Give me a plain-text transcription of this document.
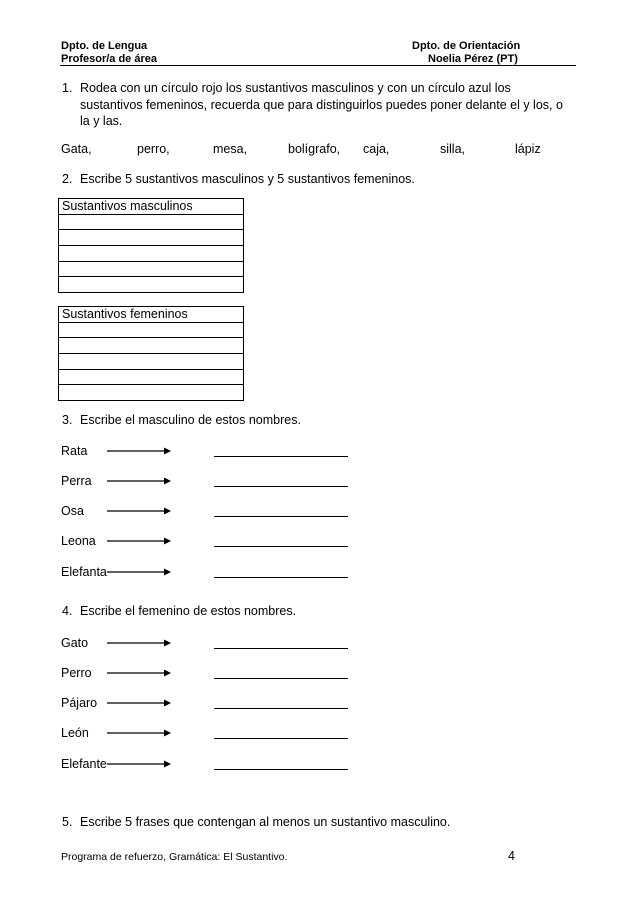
Dpto. de Lengua
Profesor/a de área
Dpto. de Orientación
Noelia Pérez (PT)
1. Rodea con un círculo rojo los sustantivos masculinos y con un círculo azul los
sustantivos femeninos, recuerda que para distinguirlos puedes poner delante el y los, o
la y las.
Gata,	perro,	mesa,	bolígrafo, caja,	silla,	lápiz
2. Escribe 5 sustantivos masculinos y 5 sustantivos femeninos.
Sustantivos masculinos
Sustantivos femeninos
3. Escribe el masculino de estos nombres.
Rata
Perra
Osa
Leona
Elefanta
4. Escribe el femenino de estos nombres.
Gato
Perro
Pájaro
León
Elefante
5. Escribe 5 frases que contengan al menos un sustantivo masculino.
Programa de refuerzo, Gramática: El Sustantivo.	4
